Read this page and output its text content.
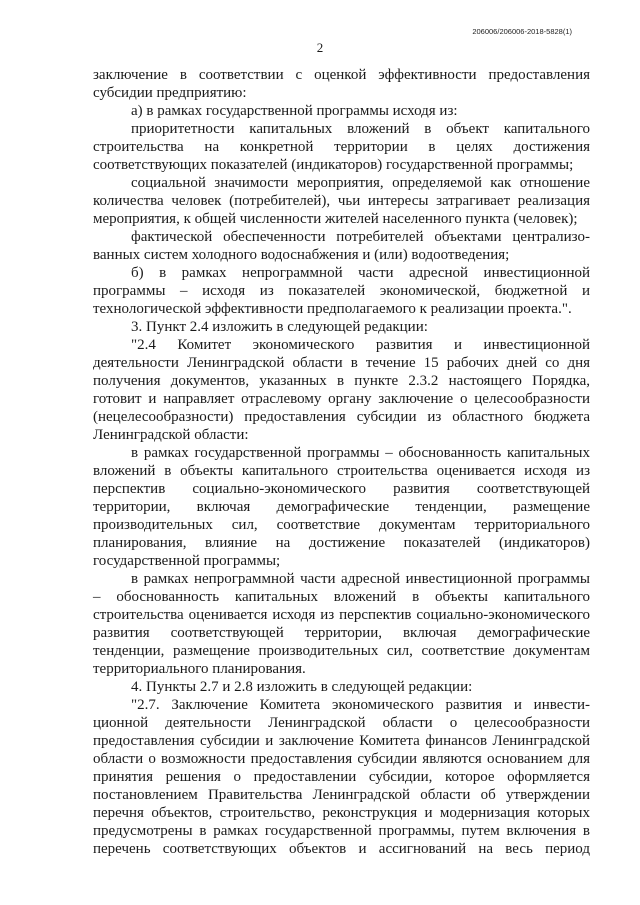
206006/206006-2018-5828(1)
2

заключение в соответствии с оценкой эффективности предоставления субсидии предприятию:

а) в рамках государственной программы исходя из:

приоритетности капитальных вложений в объект капитального строительства на конкретной территории в целях достижения соответствующих показателей (индикаторов) государственной программы;

социальной значимости мероприятия, определяемой как отношение количества человек (потребителей), чьи интересы затрагивает реализация мероприятия, к общей численности жителей населенного пункта (человек);

фактической обеспеченности потребителей объектами централизованных систем холодного водоснабжения и (или) водоотведения;

б) в рамках непрограммной части адресной инвестиционной программы – исходя из показателей экономической, бюджетной и технологической эффективности предполагаемого к реализации проекта.".

3. Пункт 2.4 изложить в следующей редакции:

"2.4 Комитет экономического развития и инвестиционной деятельности Ленинградской области в течение 15 рабочих дней со дня получения документов, указанных в пункте 2.3.2 настоящего Порядка, готовит и направляет отраслевому органу заключение о целесообразности (нецелесообразности) предоставления субсидии из областного бюджета Ленинградской области:

в рамках государственной программы – обоснованность капитальных вложений в объекты капитального строительства оценивается исходя из перспектив социально-экономического развития соответствующей территории, включая демографические тенденции, размещение производительных сил, соответствие документам территориального планирования, влияние на достижение показателей (индикаторов) государственной программы;

в рамках непрограммной части адресной инвестиционной программы – обоснованность капитальных вложений в объекты капитального строительства оценивается исходя из перспектив социально-экономического развития соответствующей территории, включая демографические тенденции, размещение производительных сил, соответствие документам территориального планирования.

4. Пункты 2.7 и 2.8 изложить в следующей редакции:

"2.7. Заключение Комитета экономического развития и инвестиционной деятельности Ленинградской области о целесообразности предоставления субсидии и заключение Комитета финансов Ленинградской области о возможности предоставления субсидии являются основанием для принятия решения о предоставлении субсидии, которое оформляется постановлением Правительства Ленинградской области об утверждении перечня объектов, строительство, реконструкция и модернизация которых предусмотрены в рамках государственной программы, путем включения в перечень соответствующих объектов и ассигнований на весь период
